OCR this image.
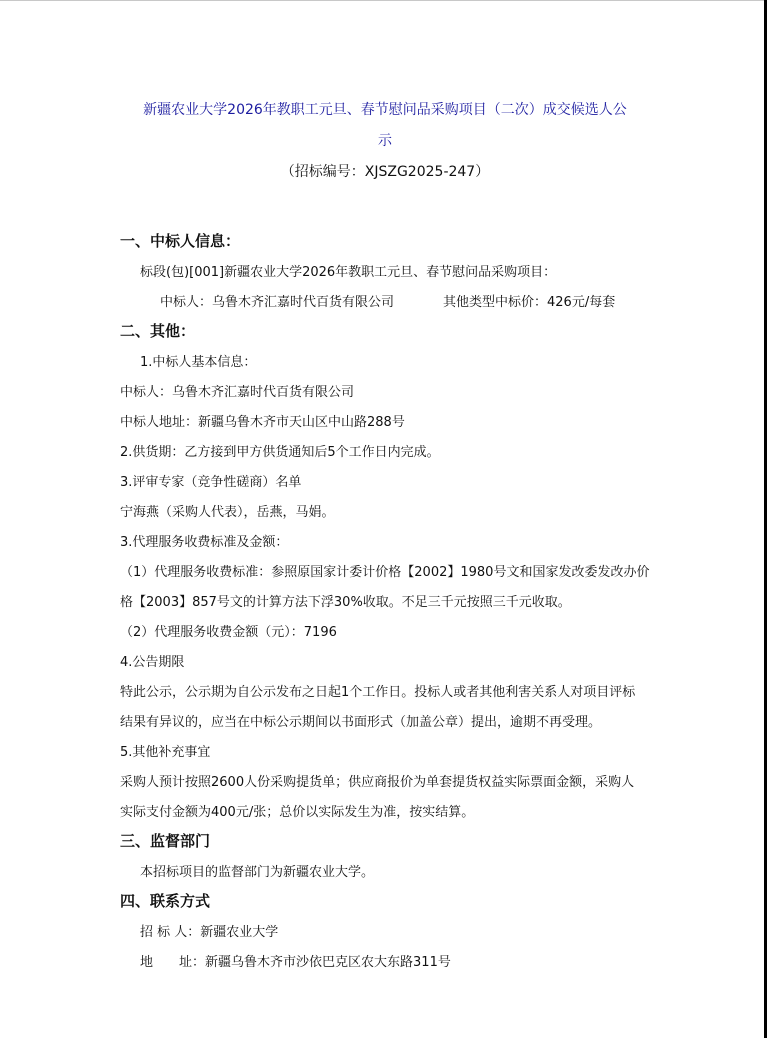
新疆农业大学2026年教职工元旦、春节慰问品采购项目（二次）成交候选人公
示
（招标编号：XJSZG2025-247）
一、中标人信息：
标段(包)[001]新疆农业大学2026年教职工元旦、春节慰问品采购项目：
中标人：乌鲁木齐汇嘉时代百货有限公司	其他类型中标价：426元/每套
二、其他：
1.中标人基本信息：
中标人：乌鲁木齐汇嘉时代百货有限公司
中标人地址：新疆乌鲁木齐市天山区中山路288号
2.供货期：乙方接到甲方供货通知后5个工作日内完成。
3.评审专家（竞争性磋商）名单
宁海燕（采购人代表），岳燕，马娟。
3.代理服务收费标准及金额：
（1）代理服务收费标准：参照原国家计委计价格【2002】1980号文和国家发改委发改办价
格【2003】857号文的计算方法下浮30%收取。不足三千元按照三千元收取。
（2）代理服务收费金额（元）：7196
4.公告期限
特此公示，公示期为自公示发布之日起1个工作日。投标人或者其他利害关系人对项目评标
结果有异议的，应当在中标公示期间以书面形式（加盖公章）提出，逾期不再受理。
5.其他补充事宜
采购人预计按照2600人份采购提货单；供应商报价为单套提货权益实际票面金额，采购人
实际支付金额为400元/张；总价以实际发生为准，按实结算。
三、监督部门
本招标项目的监督部门为新疆农业大学。
四、联系方式
招 标 人：新疆农业大学
地 址：新疆乌鲁木齐市沙依巴克区农大东路311号
